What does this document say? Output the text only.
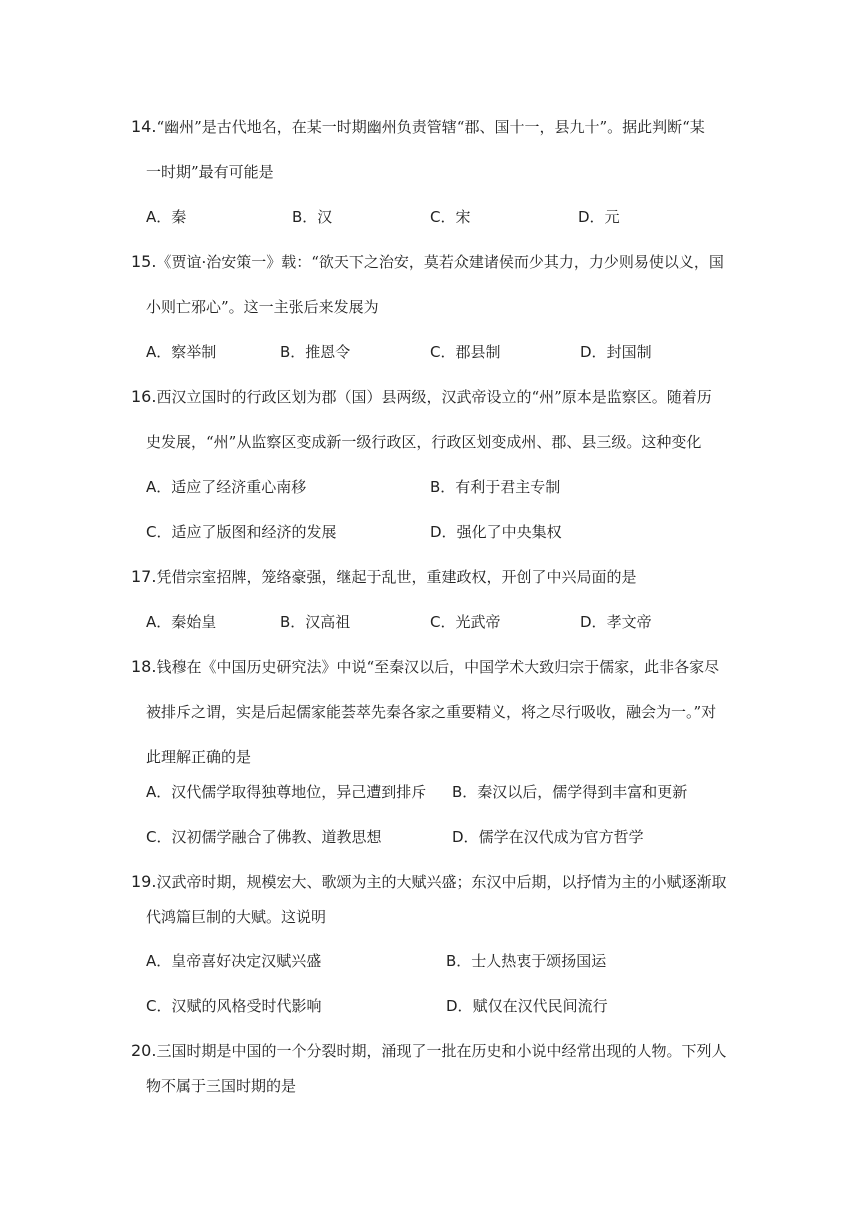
14.“幽州”是古代地名，在某一时期幽州负责管辖“郡、国十一，县九十”。据此判断“某
一时期”最有可能是
A．秦	B．汉	C．宋	D．元
15.《贾谊·治安策一》载：“欲天下之治安，莫若众建诸侯而少其力，力少则易使以义，国
小则亡邪心”。这一主张后来发展为
A．察举制	B．推恩令	C．郡县制	D．封国制
16.西汉立国时的行政区划为郡（国）县两级，汉武帝设立的“州”原本是监察区。随着历
史发展，“州”从监察区变成新一级行政区，行政区划变成州、郡、县三级。这种变化
A．适应了经济重心南移	B．有利于君主专制
C．适应了版图和经济的发展	D．强化了中央集权
17.凭借宗室招牌，笼络豪强，继起于乱世，重建政权，开创了中兴局面的是
A．秦始皇	B．汉高祖	C．光武帝	D．孝文帝
18.钱穆在《中国历史研究法》中说“至秦汉以后，中国学术大致归宗于儒家，此非各家尽
被排斥之谓，实是后起儒家能荟萃先秦各家之重要精义，将之尽行吸收，融会为一。”对
此理解正确的是
A．汉代儒学取得独尊地位，异己遭到排斥 B．秦汉以后，儒学得到丰富和更新
C．汉初儒学融合了佛教、道教思想	D．儒学在汉代成为官方哲学
19.汉武帝时期，规模宏大、歌颂为主的大赋兴盛；东汉中后期，以抒情为主的小赋逐渐取
代鸿篇巨制的大赋。这说明
A．皇帝喜好决定汉赋兴盛	B．士人热衷于颂扬国运
C．汉赋的风格受时代影响	D．赋仅在汉代民间流行
20.三国时期是中国的一个分裂时期，涌现了一批在历史和小说中经常出现的人物。下列人
物不属于三国时期的是
